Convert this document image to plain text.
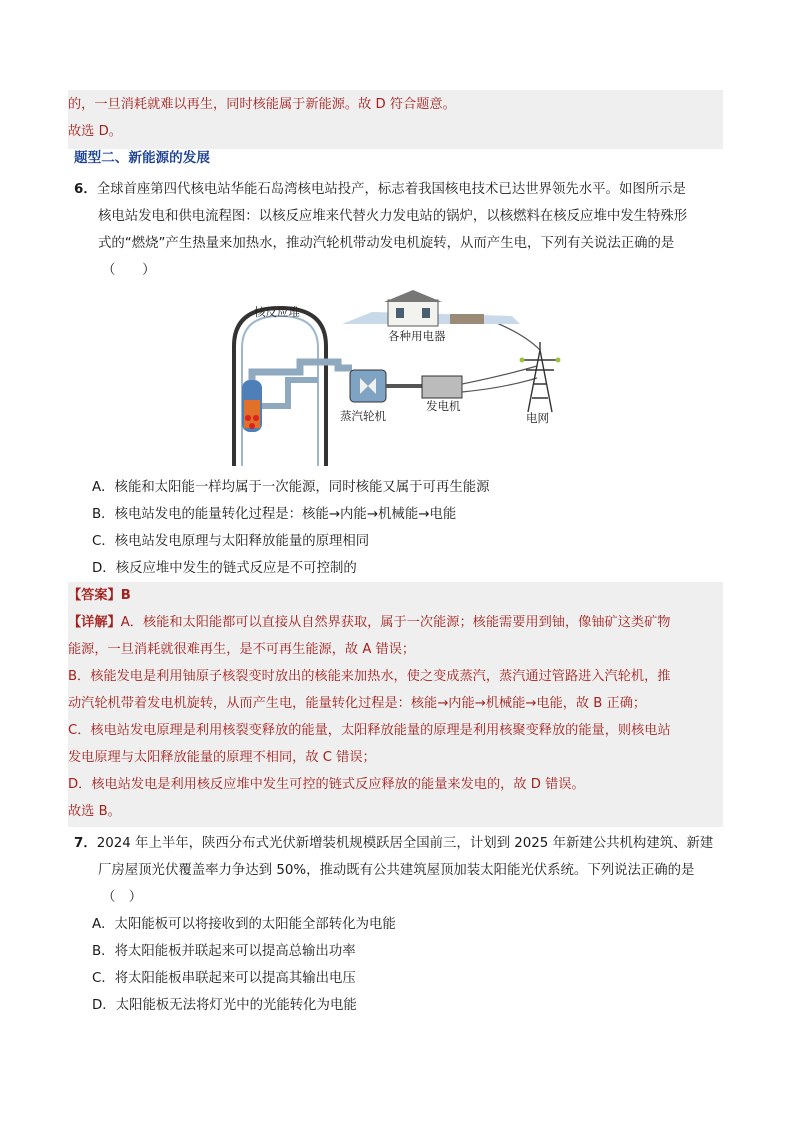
的，一旦消耗就难以再生，同时核能属于新能源。故 D 符合题意。

故选 D。

题型二、新能源的发展
6．全球首座第四代核电站华能石岛湾核电站投产，标志着我国核电技术已达世界领先水平。如图所示是
核电站发电和供电流程图：以核反应堆来代替火力发电站的锅炉，以核燃料在核反应堆中发生特殊形
式的“燃烧”产生热量来加热水，推动汽轮机带动发电机旋转，从而产生电，下列有关说法正确的是
（　　）
核反应堆
蒸汽轮机
发电机
各种用电器
电网
A．核能和太阳能一样均属于一次能源，同时核能又属于可再生能源
B．核电站发电的能量转化过程是：核能→内能→机械能→电能
C．核电站发电原理与太阳释放能量的原理相同
D．核反应堆中发生的链式反应是不可控制的

【答案】B

【详解】A．核能和太阳能都可以直接从自然界获取，属于一次能源；核能需要用到铀，像铀矿这类矿物

能源，一旦消耗就很难再生，是不可再生能源，故 A 错误；

B．核能发电是利用铀原子核裂变时放出的核能来加热水，使之变成蒸汽，蒸汽通过管路进入汽轮机，推

动汽轮机带着发电机旋转，从而产生电，能量转化过程是：核能→内能→机械能→电能，故 B 正确；

C．核电站发电原理是利用核裂变释放的能量，太阳释放能量的原理是利用核聚变释放的能量，则核电站

发电原理与太阳释放能量的原理不相同，故 C 错误；

D．核电站发电是利用核反应堆中发生可控的链式反应释放的能量来发电的，故 D 错误。

故选 B。

7．2024 年上半年，陕西分布式光伏新增装机规模跃居全国前三，计划到 2025 年新建公共机构建筑、新建
厂房屋顶光伏覆盖率力争达到 50%，推动既有公共建筑屋顶加装太阳能光伏系统。下列说法正确的是
（　）
A．太阳能板可以将接收到的太阳能全部转化为电能
B．将太阳能板并联起来可以提高总输出功率
C．将太阳能板串联起来可以提高其输出电压
D．太阳能板无法将灯光中的光能转化为电能
